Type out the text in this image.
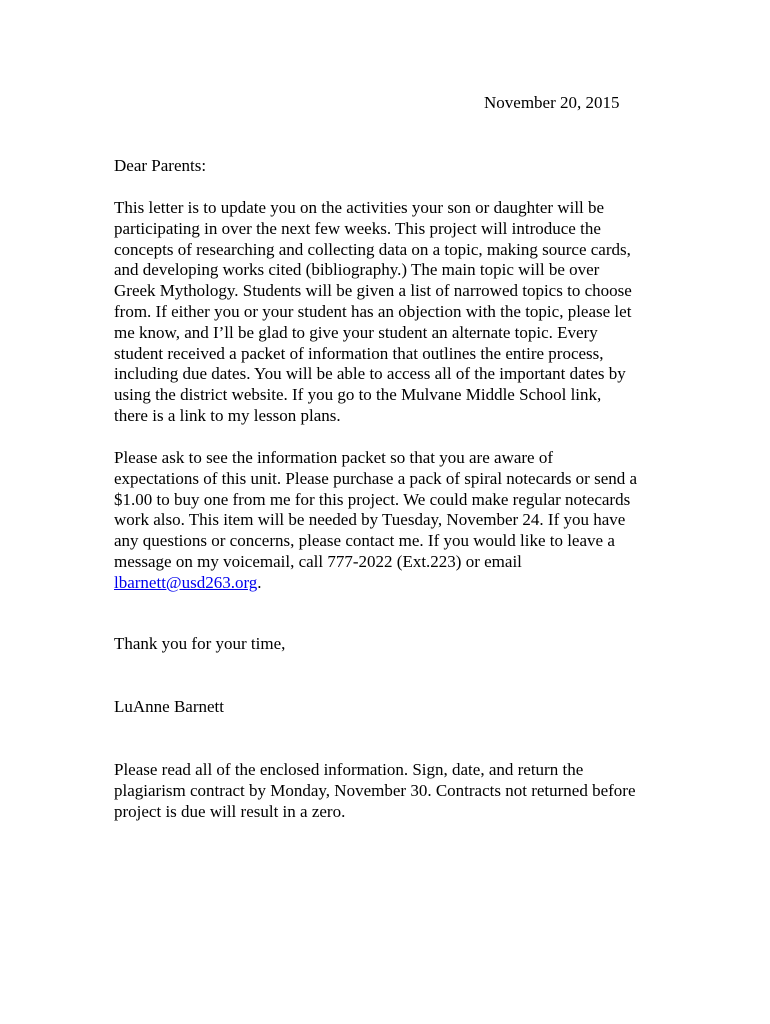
November 20, 2015

Dear Parents:

This letter is to update you on the activities your son or daughter will be
participating in over the next few weeks. This project will introduce the
concepts of researching and collecting data on a topic, making source cards,
and developing works cited (bibliography.) The main topic will be over
Greek Mythology. Students will be given a list of narrowed topics to choose
from. If either you or your student has an objection with the topic, please let
me know, and I’ll be glad to give your student an alternate topic. Every
student received a packet of information that outlines the entire process,
including due dates. You will be able to access all of the important dates by
using the district website. If you go to the Mulvane Middle School link,
there is a link to my lesson plans.

Please ask to see the information packet so that you are aware of
expectations of this unit. Please purchase a pack of spiral notecards or send a
$1.00 to buy one from me for this project. We could make regular notecards
work also. This item will be needed by Tuesday, November 24. If you have
any questions or concerns, please contact me. If you would like to leave a
message on my voicemail, call 777-2022 (Ext.223) or email
lbarnett@usd263.org.

Thank you for your time,

LuAnne Barnett

Please read all of the enclosed information. Sign, date, and return the
plagiarism contract by Monday, November 30. Contracts not returned before
project is due will result in a zero.
